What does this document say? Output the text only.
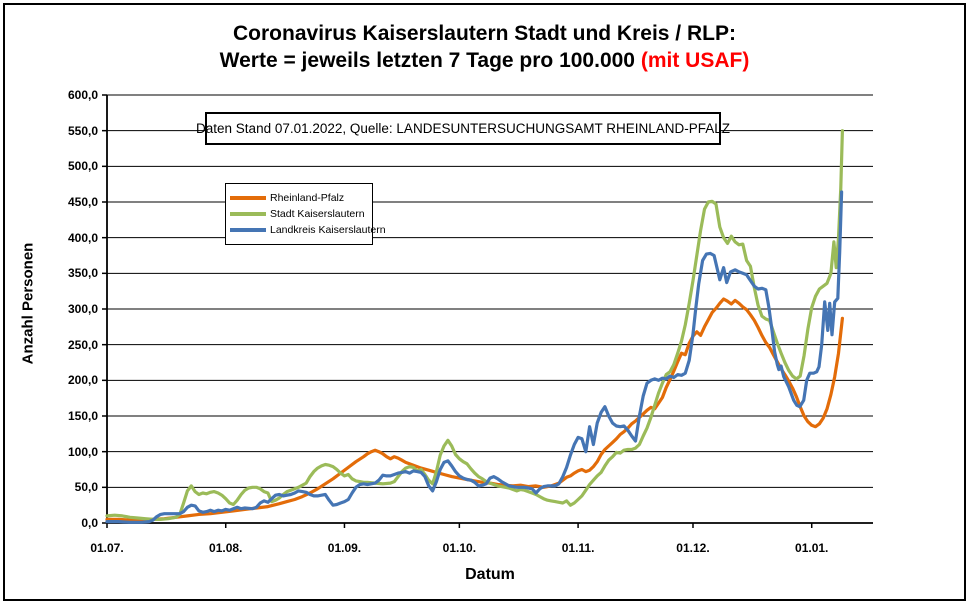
Coronavirus Kaiserslautern Stadt und Kreis / RLP:
Werte = jeweils letzten 7 Tage pro 100.000 (mit USAF)
Daten Stand 07.01.2022, Quelle: LANDESUNTERSUCHUNGSAMT RHEINLAND-PFALZ
Rheinland-Pfalz
Stadt Kaiserslautern
Landkreis Kaiserslautern
Anzahl Personen
Datum
0,0
50,0
100,0
150,0
200,0
250,0
300,0
350,0
400,0
450,0
500,0
550,0
600,0
01.07.	01.08.	01.09.	01.10.	01.11.	01.12.	01.01.
